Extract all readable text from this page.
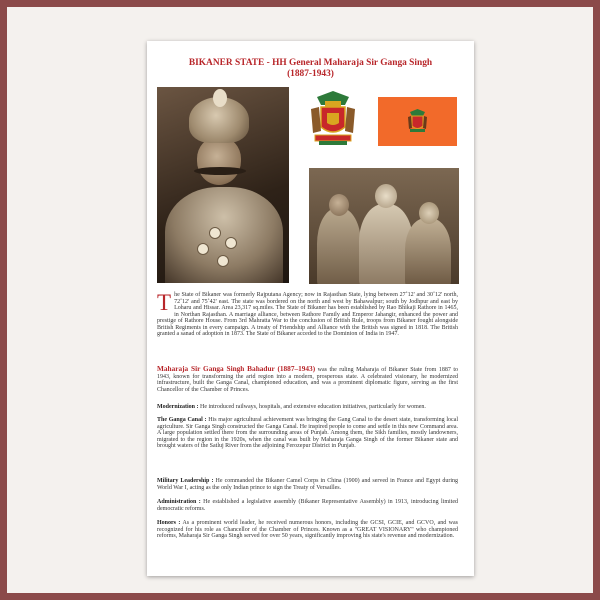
BIKANER STATE - HH General Maharaja Sir Ganga Singh
(1887-1943)
The State of Bikaner was formerly Rajputana Agency; now in Rajasthan State, lying between 27˚12' and 30˚12' north, 72˚12' and 75˚42' east. The state was bordered on the north and west by Bahawalpur; south by Jodhpur and east by Loharu and Hissar. Area 23,317 sq.miles. The State of Bikaner has been established by Rao Bhikaji Rathore in 1465, in Northan Rajasthan. A marriage alliance, between Rathore Family and Emperor Jahangir, enhanced the power and prestige of Rathore House. From 3rd Mahratta War to the conclusion of British Rule, troops from Bikaner fought alongside British Regiments in every campaign. A treaty of Friendship and Alliance with the British was signed in 1818. The British granted a sanad of adoption in 1873. The State of Bikaner acceded to the Dominion of India in 1947.
Maharaja Sir Ganga Singh Bahadur (1887–1943) was the ruling Maharaja of Bikaner State from 1887 to 1943, known for transforming the arid region into a modern, prosperous state. A celebrated visionary, he modernized infrastructure, built the Ganga Canal, championed education, and was a prominent diplomatic figure, serving as the first Chancellor of the Chamber of Princes.
Modernization : He introduced railways, hospitals, and extensive education initiatives, particularly for women.
The Ganga Canal : His major agricultural achievement was bringing the Gang Canal to the desert state, transforming local agriculture. Sir Ganga Singh constructed the Ganga Canal. He inspired people to come and settle in this new Command area. A large population settled there from the surrounding areas of Punjab. Among them, the Sikh families, mostly landowners, migrated to the region in the 1920s, when the canal was built by Maharaja Ganga Singh of the former Bikaner state and brought waters of the Satluj River from the adjoining Ferozepur District in Punjab.
Military Leadership : He commanded the Bikaner Camel Corps in China (1900) and served in France and Egypt during World War I, acting as the only Indian prince to sign the Treaty of Versailles.
Administration : He established a legislative assembly (Bikaner Representative Assembly) in 1913, introducing limited democratic reforms.
Honors : As a prominent world leader, he received numerous honors, including the GCSI, GCIE, and GCVO, and was recognized for his role as Chancellor of the Chamber of Princes. Known as a "GREAT VISIONARY" who championed reforms, Maharaja Sir Ganga Singh served for over 50 years, significantly improving his state's revenue and modernization.
